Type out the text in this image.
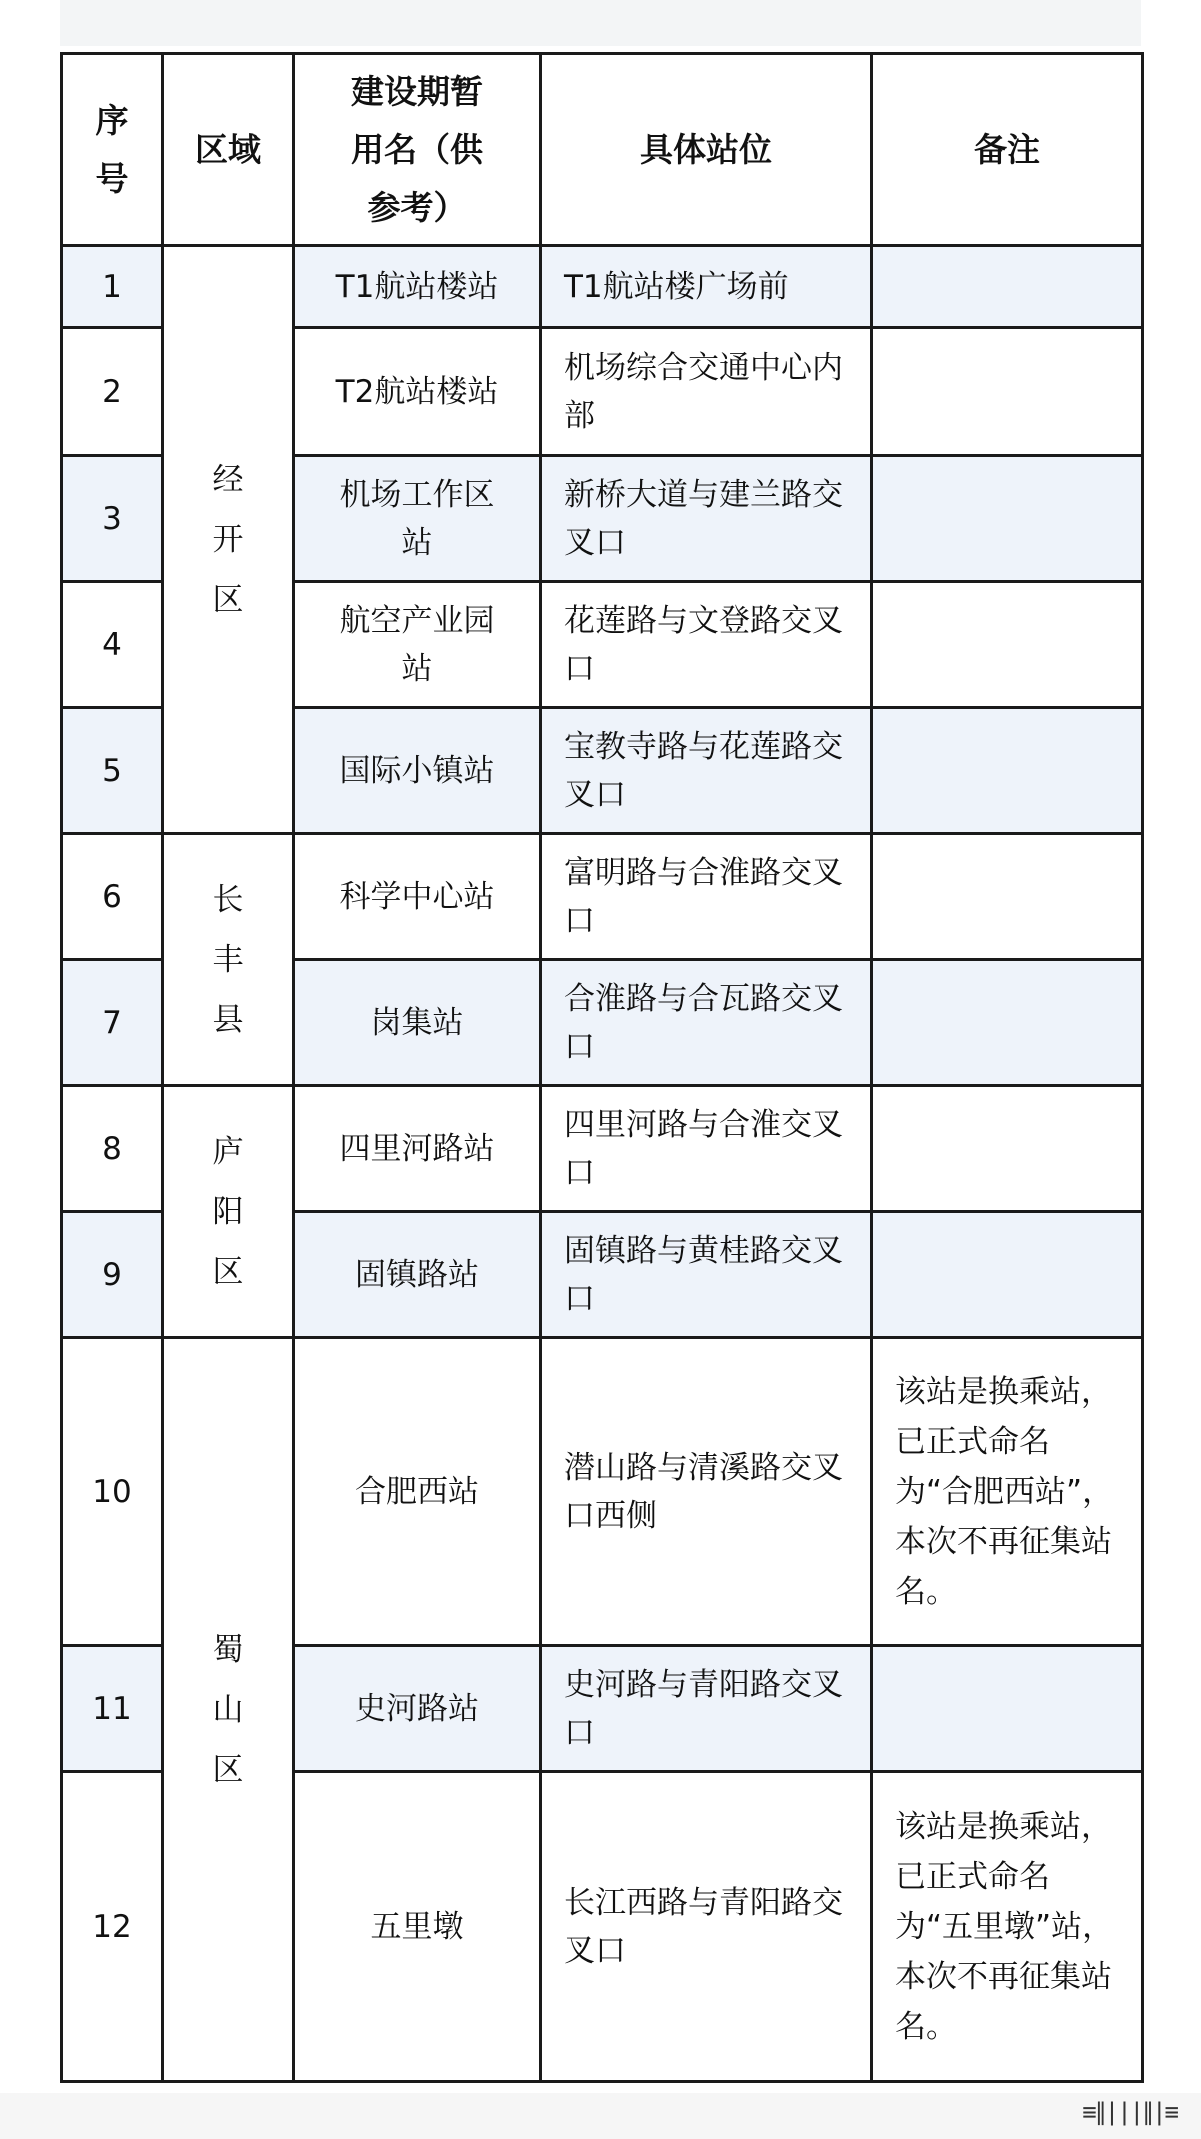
序号	区域	建设期暂用名（供参考）	具体站位	备注
1	经开区	T1航站楼站	T1航站楼广场前	
2		T2航站楼站	机场综合交通中心内部	
3		机场工作区站	新桥大道与建兰路交叉口	
4		航空产业园站	花莲路与文登路交叉口	
5		国际小镇站	宝教寺路与花莲路交叉口	
6	长丰县	科学中心站	富明路与合淮路交叉口	
7		岗集站	合淮路与合瓦路交叉口	
8	庐阳区	四里河路站	四里河路与合淮交叉口	
9		固镇路站	固镇路与黄桂路交叉口	
10	蜀山区	合肥西站	潜山路与清溪路交叉口西侧	该站是换乘站，已正式命名为“合肥西站”，本次不再征集站名。
11		史河路站	史河路与青阳路交叉口	
12		五里墩	长江西路与青阳路交叉口	该站是换乘站，已正式命名为“五里墩”站，本次不再征集站名。
≡∥|||∥|≡
